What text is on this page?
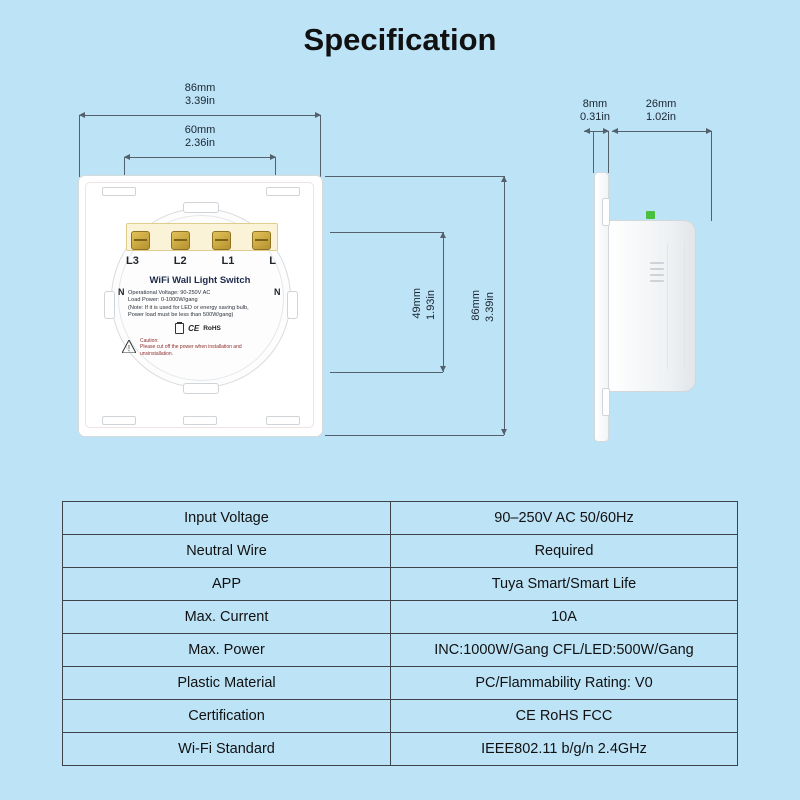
Specification
86mm
3.39in
60mm
2.36in
L3	L2	L1	L
N	N
WiFi Wall Light Switch
Operational Voltage: 90-250V AC
Load Power: 0-1000W/gang
(Note: If it is used for LED or energy saving bulb,
Power load must be less than 500W/gang)
CE RoHS
!
Caution:
Please cut off the power when installation and unsinstallation.
49mm 1.93in	86mm 3.39in
8mm
0.31in
26mm
1.02in
Input Voltage	90–250V AC 50/60Hz
Neutral Wire	Required
APP	Tuya Smart/Smart Life
Max. Current	10A
Max. Power	INC:1000W/Gang CFL/LED:500W/Gang
Plastic Material	PC/Flammability Rating: V0
Certification	CE RoHS FCC
Wi-Fi Standard	IEEE802.11 b/g/n 2.4GHz
